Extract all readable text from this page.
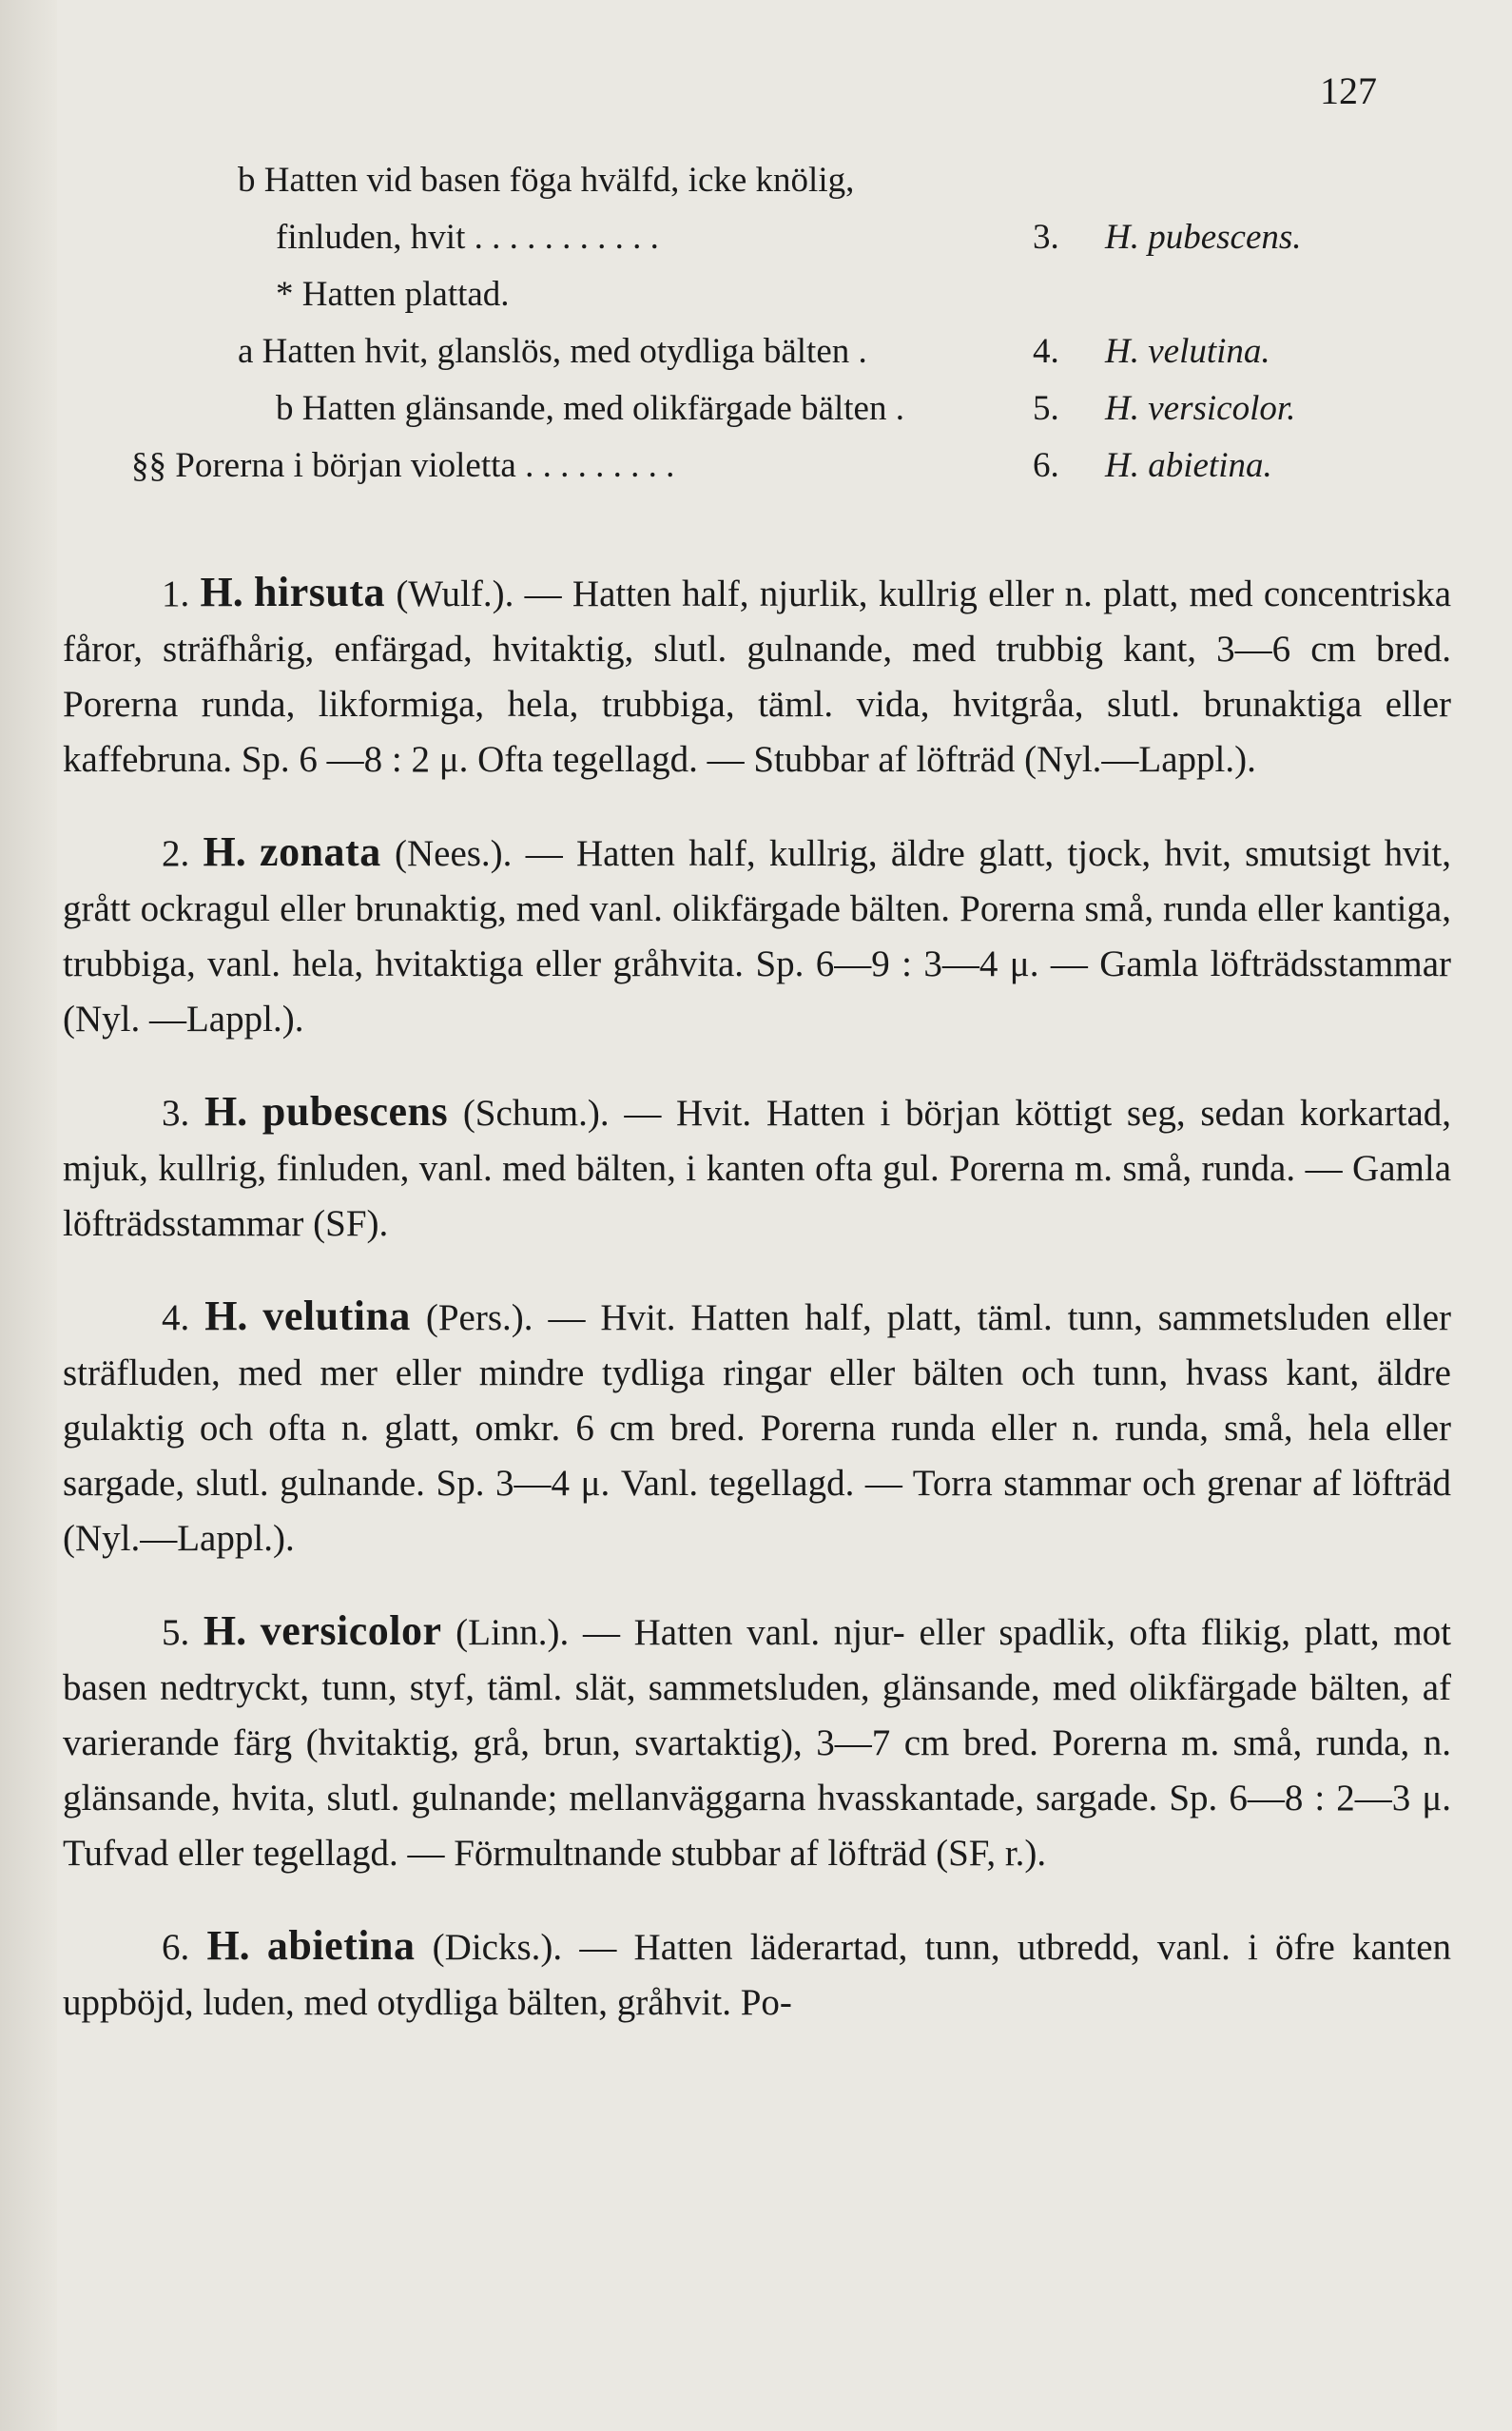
127
b Hatten vid basen föga hvälfd, icke knölig,
finluden, hvit . . . . . . . . . . .	3. H. pubescens.
* Hatten plattad.
a Hatten hvit, glanslös, med otydliga bälten .	4. H. velutina.
b Hatten glänsande, med olikfärgade bälten .	5. H. versicolor.
§§ Porerna i början violetta . . . . . . . . .	6. H. abietina.

1. H. hirsuta (Wulf.). — Hatten half, njurlik, kullrig eller n. platt, med concentriska fåror, sträfhårig, enfärgad, hvitaktig, slutl. gulnande, med trubbig kant, 3—6 cm bred. Porerna runda, likformiga, hela, trubbiga, täml. vida, hvitgråa, slutl. brunaktiga eller kaffebruna. Sp. 6 —8 : 2 μ. Ofta tegellagd. — Stubbar af löfträd (Nyl.—Lappl.).

2. H. zonata (Nees.). — Hatten half, kullrig, äldre glatt, tjock, hvit, smutsigt hvit, grått ockragul eller brunaktig, med vanl. olikfärgade bälten. Porerna små, runda eller kantiga, trubbiga, vanl. hela, hvitaktiga eller gråhvita. Sp. 6—9 : 3—4 μ. — Gamla löfträdsstammar (Nyl. —Lappl.).

3. H. pubescens (Schum.). — Hvit. Hatten i början köttigt seg, sedan korkartad, mjuk, kullrig, finluden, vanl. med bälten, i kanten ofta gul. Porerna m. små, runda. — Gamla löfträdsstammar (SF).

4. H. velutina (Pers.). — Hvit. Hatten half, platt, täml. tunn, sammetsluden eller sträfluden, med mer eller mindre tydliga ringar eller bälten och tunn, hvass kant, äldre gulaktig och ofta n. glatt, omkr. 6 cm bred. Porerna runda eller n. runda, små, hela eller sargade, slutl. gulnande. Sp. 3—4 μ. Vanl. tegellagd. — Torra stammar och grenar af löfträd (Nyl.—Lappl.).

5. H. versicolor (Linn.). — Hatten vanl. njur- eller spadlik, ofta flikig, platt, mot basen nedtryckt, tunn, styf, täml. slät, sammetsluden, glänsande, med olikfärgade bälten, af varierande färg (hvitaktig, grå, brun, svartaktig), 3—7 cm bred. Porerna m. små, runda, n. glänsande, hvita, slutl. gulnande; mellanväggarna hvasskantade, sargade. Sp. 6—8 : 2—3 μ. Tufvad eller tegellagd. — Förmultnande stubbar af löfträd (SF, r.).

6. H. abietina (Dicks.). — Hatten läderartad, tunn, utbredd, vanl. i öfre kanten uppböjd, luden, med otydliga bälten, gråhvit. Po-
